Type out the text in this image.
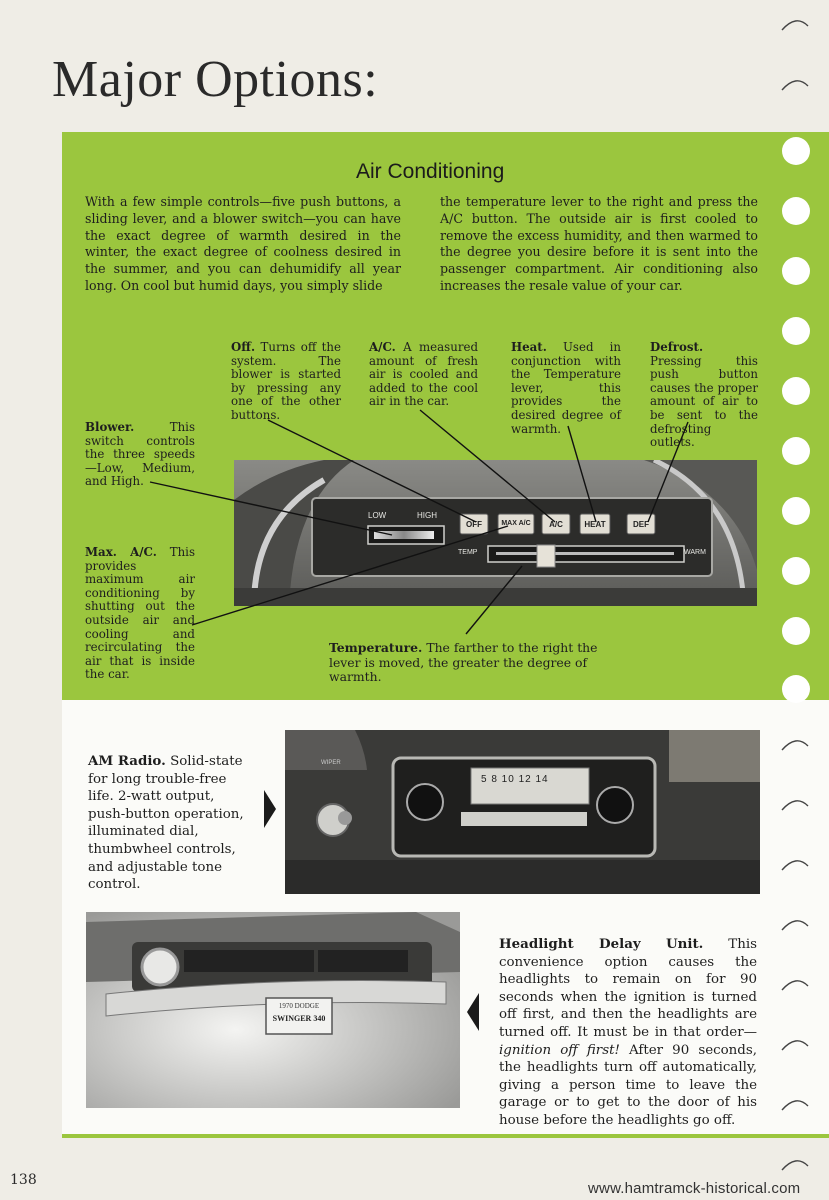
Major Options:
Air Conditioning
With a few simple controls—five push buttons, a sliding lever, and a blower switch—you can have the exact degree of warmth desired in the winter, the exact degree of coolness desired in the summer, and you can dehumidify all year long. On cool but humid days, you simply slide
the temperature lever to the right and press the A/C button. The outside air is first cooled to remove the excess humidity, and then warmed to the degree you desire before it is sent into the passenger compartment. Air conditioning also increases the resale value of your car.
Off. Turns off the system. The blower is started by pressing any one of the other buttons.
A/C. A measured amount of fresh air is cooled and added to the cool air in the car.
Heat. Used in conjunction with the Temperature lever, this provides the desired degree of warmth.
Defrost. Pressing this push button causes the proper amount of air to be sent to the defrosting outlets.
Blower.	This switch controls the three speeds—Low, Medium, and High.
Max. A/C. This provides maximum air conditioning by shutting out the outside air and cooling and recirculating the air that is inside the car.
Temperature. The farther to the right the lever is moved, the greater the degree of warmth.
LOW	HIGH
TEMP	WARM
OFF	MAX A/C	A/C	HEAT	DEF
AM Radio. Solid-state for long trouble-free life. 2-watt output, push-button operation, illuminated dial, thumbwheel controls, and adjustable tone control.
5 8 10 12 14
WIPER
1970 DODGE
SWINGER 340
Headlight Delay Unit. This convenience option causes the headlights to remain on for 90 seconds when the ignition is turned off first, and then the headlights are turned off. It must be in that order—ignition off first! After 90 seconds, the headlights turn off automatically, giving a person time to leave the garage or to get to the door of his house before the headlights go off.
138	www.hamtramck-historical.com
